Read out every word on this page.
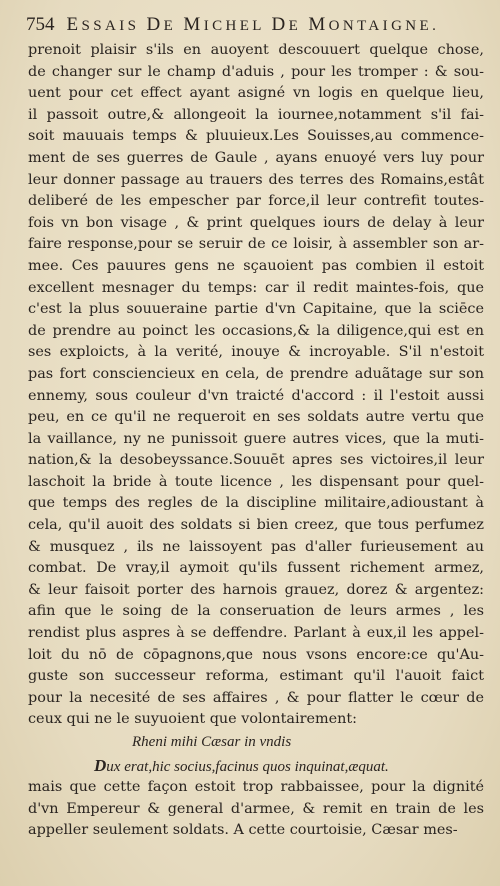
754 ESSAIS DE MICHEL DE MONTAIGNE.
prenoit plaisir s'ils en auoyent descouuert quelque chose,
de changer sur le champ d'aduis , pour les tromper : & sou-
uent pour cet effect ayant asigné vn logis en quelque lieu,
il passoit outre,& allongeoit la iournee,notamment s'il fai-
soit mauuais temps & pluuieux.Les Souisses,au commence-
ment de ses guerres de Gaule , ayans enuoyé vers luy pour
leur donner passage au trauers des terres des Romains,estât
deliberé de les empescher par force,il leur contrefit toutes-
fois vn bon visage , & print quelques iours de delay à leur
faire response,pour se seruir de ce loisir, à assembler son ar-
mee. Ces pauures gens ne sçauoient pas combien il estoit
excellent mesnager du temps: car il redit maintes-fois, que
c'est la plus souueraine partie d'vn Capitaine, que la sciēce
de prendre au poinct les occasions,& la diligence,qui est en
ses exploicts, à la verité, inouye & incroyable. S'il n'estoit
pas fort consciencieux en cela, de prendre aduãtage sur son
ennemy, sous couleur d'vn traicté d'accord : il l'estoit aussi
peu, en ce qu'il ne requeroit en ses soldats autre vertu que
la vaillance, ny ne punissoit guere autres vices, que la muti-
nation,& la desobeyssance.Souuēt apres ses victoires,il leur
laschoit la bride à toute licence , les dispensant pour quel-
que temps des regles de la discipline militaire,adioustant à
cela, qu'il auoit des soldats si bien creez, que tous perfumez
& musquez , ils ne laissoyent pas d'aller furieusement au
combat. De vray,il aymoit qu'ils fussent richement armez,
& leur faisoit porter des harnois grauez, dorez & argentez:
afin que le soing de la conseruation de leurs armes , les
rendist plus aspres à se deffendre. Parlant à eux,il les appel-
loit du nō de cōpagnons,que nous vsons encore:ce qu'Au-
guste son successeur reforma, estimant qu'il l'auoit faict
pour la necesité de ses affaires , & pour flatter le cœur de
ceux qui ne le suyuoient que volontairement:
Rheni mihi Cæsar in vndis
Dux erat,hic socius,facinus quos inquinat,æquat.
mais que cette façon estoit trop rabbaissee, pour la dignité
d'vn Empereur & general d'armee, & remit en train de les
appeller seulement soldats. A cette courtoisie, Cæsar mes-
